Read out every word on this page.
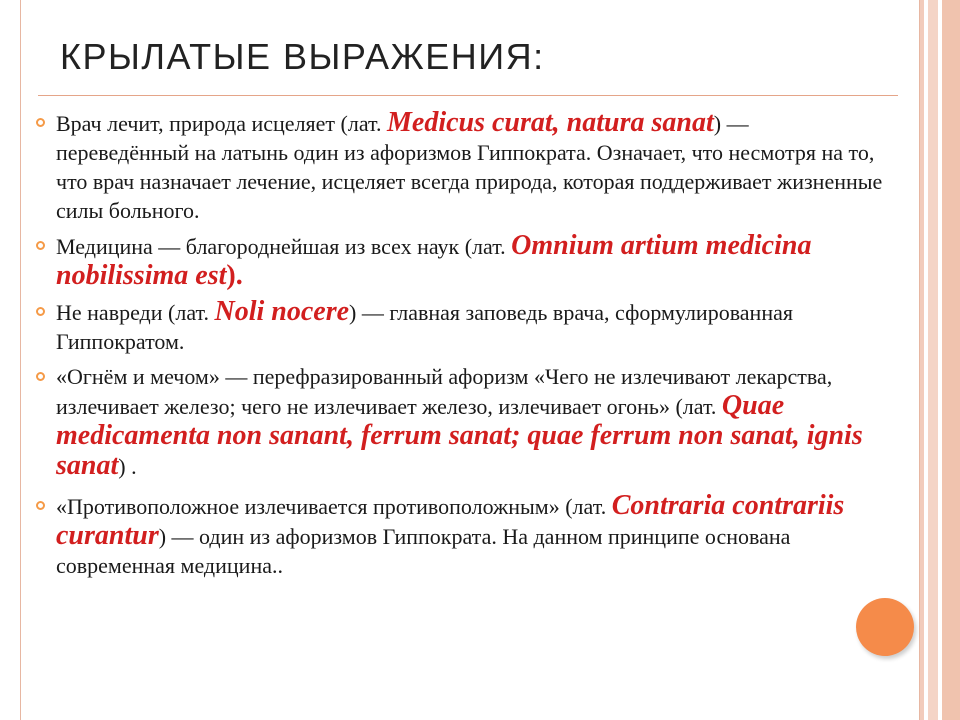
КРЫЛАТЫЕ ВЫРАЖЕНИЯ:
Врач лечит, природа исцеляет (лат. Medicus curat, natura sanat) — переведённый на латынь один из афоризмов Гиппократа. Означает, что несмотря на то, что врач назначает лечение, исцеляет всегда природа, которая поддерживает жизненные силы больного.
Медицина — благороднейшая из всех наук (лат. Omnium artium medicina nobilissima est).
Не навреди (лат. Noli nocere) — главная заповедь врача, сформулированная Гиппократом.
«Огнём и мечом» — перефразированный афоризм «Чего не излечивают лекарства, излечивает железо; чего не излечивает железо, излечивает огонь» (лат. Quae medicamenta non sanant, ferrum sanat; quae ferrum non sanat, ignis sanat) .
«Противоположное излечивается противоположным» (лат. Contraria contrariis curantur) — один из афоризмов Гиппократа. На данном принципе основана современная медицина..
